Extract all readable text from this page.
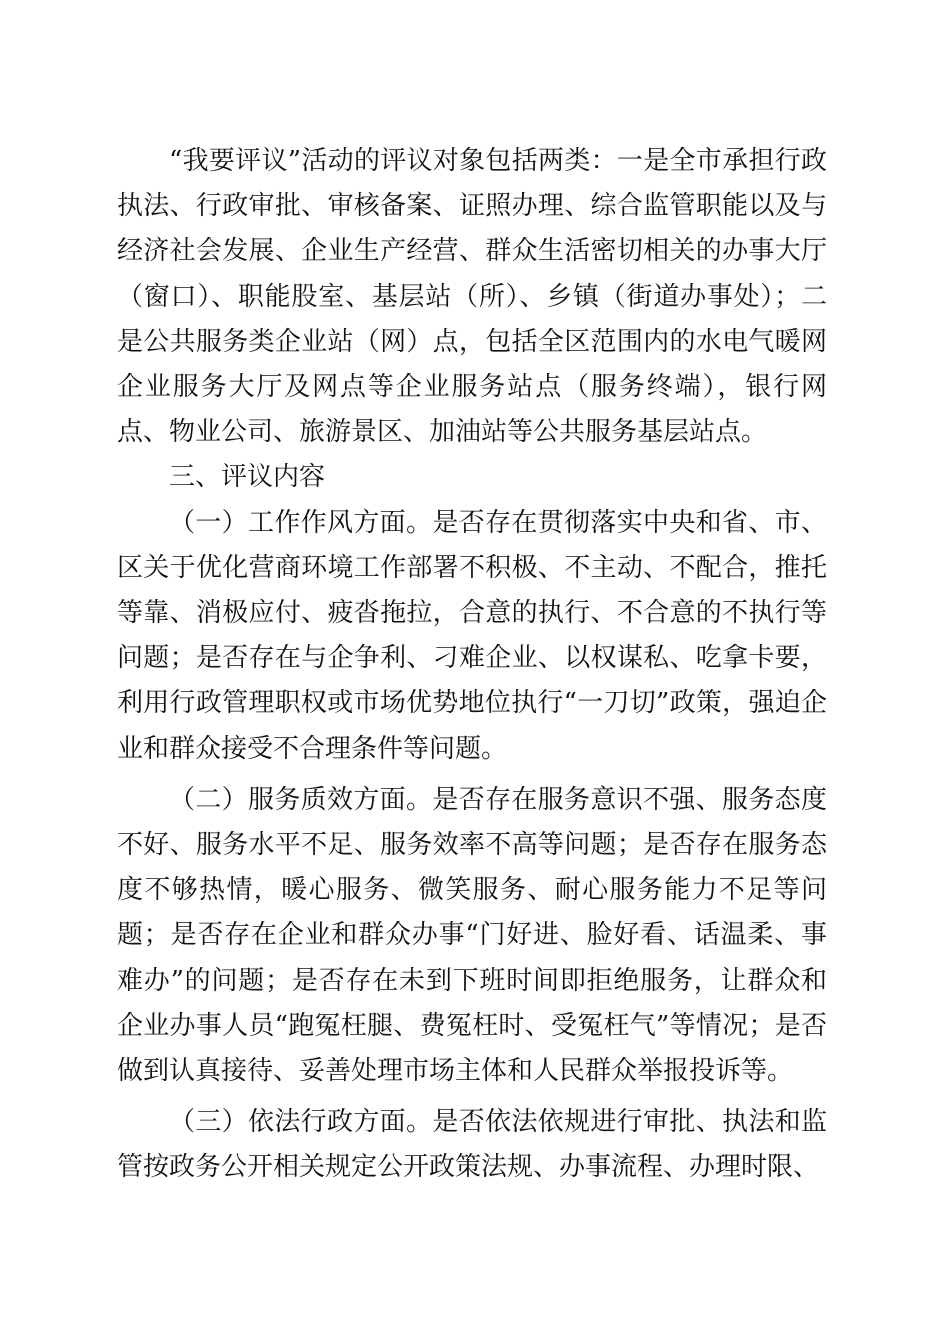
“我要评议”活动的评议对象包括两类：一是全市承担行政执法、行政审批、审核备案、证照办理、综合监管职能以及与经济社会发展、企业生产经营、群众生活密切相关的办事大厅（窗口）、职能股室、基层站（所）、乡镇（街道办事处）；二是公共服务类企业站（网）点，包括全区范围内的水电气暖网企业服务大厅及网点等企业服务站点（服务终端），银行网点、物业公司、旅游景区、加油站等公共服务基层站点。

三、评议内容

（一）工作作风方面。是否存在贯彻落实中央和省、市、区关于优化营商环境工作部署不积极、不主动、不配合，推托等靠、消极应付、疲沓拖拉，合意的执行、不合意的不执行等问题；是否存在与企争利、刁难企业、以权谋私、吃拿卡要，利用行政管理职权或市场优势地位执行“一刀切”政策，强迫企业和群众接受不合理条件等问题。

（二）服务质效方面。是否存在服务意识不强、服务态度不好、服务水平不足、服务效率不高等问题；是否存在服务态度不够热情，暖心服务、微笑服务、耐心服务能力不足等问题；是否存在企业和群众办事“门好进、脸好看、话温柔、事难办”的问题；是否存在未到下班时间即拒绝服务，让群众和企业办事人员“跑冤枉腿、费冤枉时、受冤枉气”等情况；是否做到认真接待、妥善处理市场主体和人民群众举报投诉等。

（三）依法行政方面。是否依法依规进行审批、执法和监管按政务公开相关规定公开政策法规、办事流程、办理时限、
